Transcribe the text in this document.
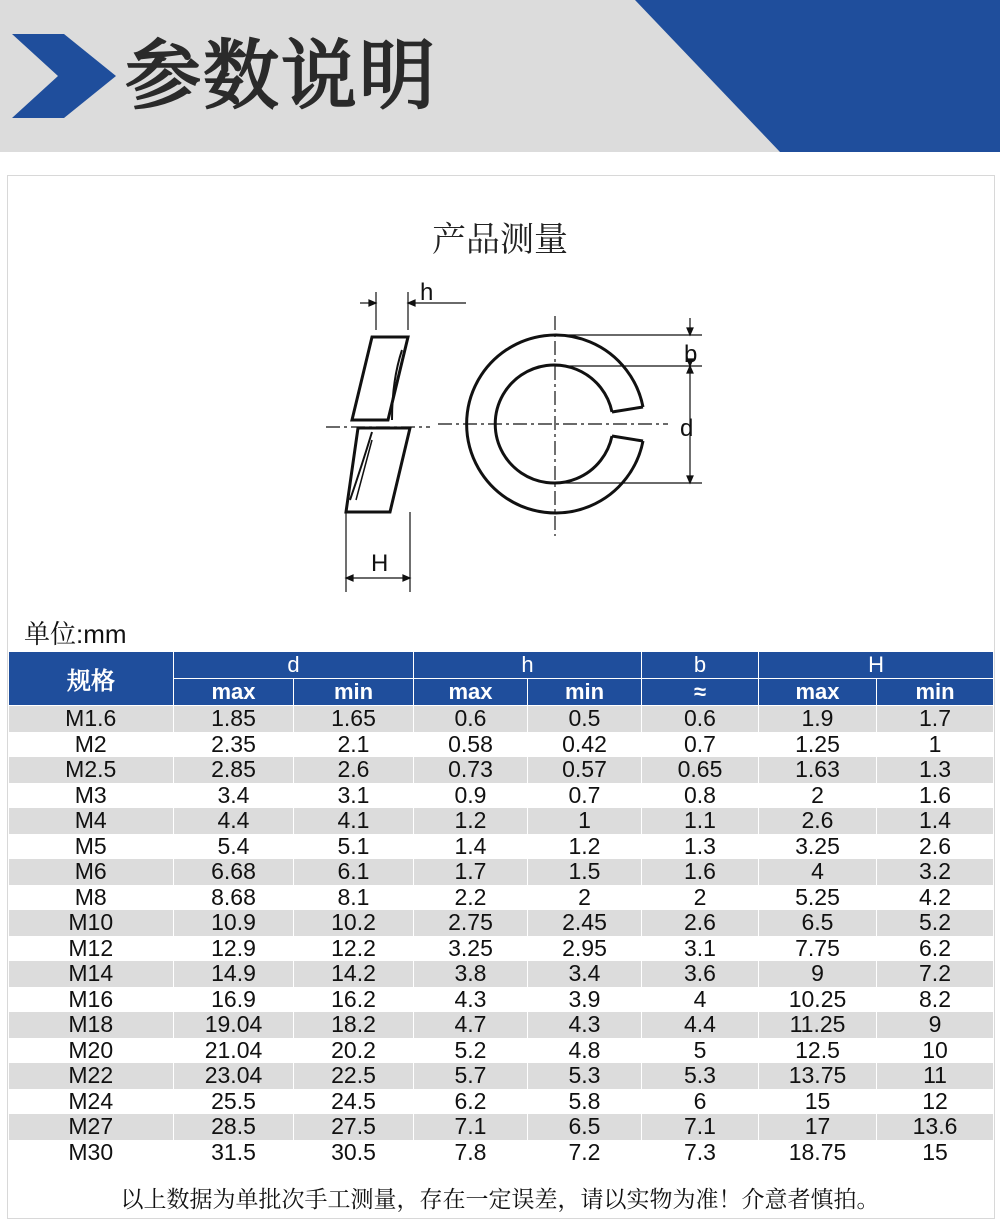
参数说明
产品测量
h
b
d
H
单位:mm
规格	d		h		b	H	
	max	min	max	min	≈	max	min
M1.6	1.85	1.65	0.6	0.5	0.6	1.9	1.7
M2	2.35	2.1	0.58	0.42	0.7	1.25	1
M2.5	2.85	2.6	0.73	0.57	0.65	1.63	1.3
M3	3.4	3.1	0.9	0.7	0.8	2	1.6
M4	4.4	4.1	1.2	1	1.1	2.6	1.4
M5	5.4	5.1	1.4	1.2	1.3	3.25	2.6
M6	6.68	6.1	1.7	1.5	1.6	4	3.2
M8	8.68	8.1	2.2	2	2	5.25	4.2
M10	10.9	10.2	2.75	2.45	2.6	6.5	5.2
M12	12.9	12.2	3.25	2.95	3.1	7.75	6.2
M14	14.9	14.2	3.8	3.4	3.6	9	7.2
M16	16.9	16.2	4.3	3.9	4	10.25	8.2
M18	19.04	18.2	4.7	4.3	4.4	11.25	9
M20	21.04	20.2	5.2	4.8	5	12.5	10
M22	23.04	22.5	5.7	5.3	5.3	13.75	11
M24	25.5	24.5	6.2	5.8	6	15	12
M27	28.5	27.5	7.1	6.5	7.1	17	13.6
M30	31.5	30.5	7.8	7.2	7.3	18.75	15
以上数据为单批次手工测量，存在一定误差，请以实物为准！介意者慎拍。
